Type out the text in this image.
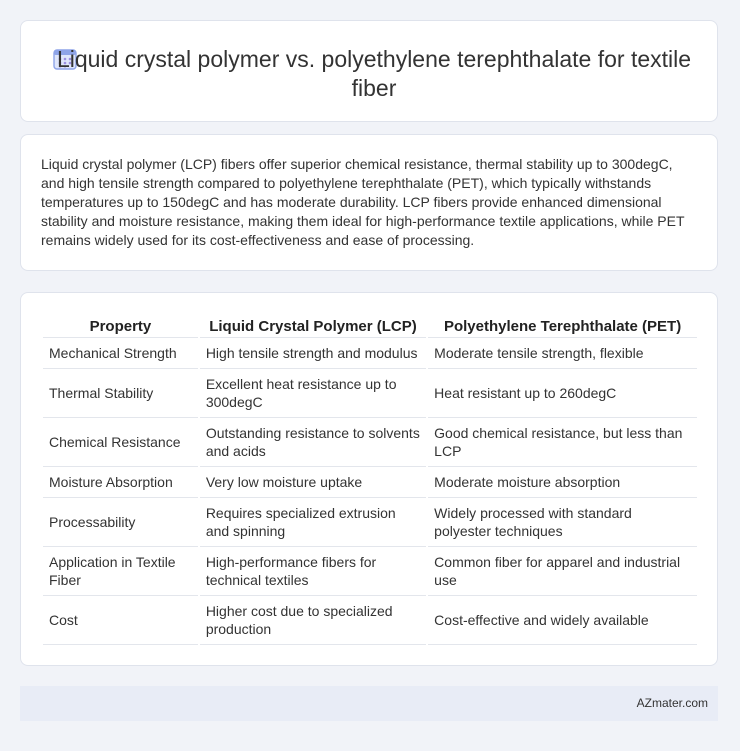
Liquid crystal polymer vs. polyethylene terephthalate for textile fiber

Liquid crystal polymer (LCP) fibers offer superior chemical resistance, thermal stability up to 300degC, and high tensile strength compared to polyethylene terephthalate (PET), which typically withstands temperatures up to 150degC and has moderate durability. LCP fibers provide enhanced dimensional stability and moisture resistance, making them ideal for high-performance textile applications, while PET remains widely used for its cost-effectiveness and ease of processing.

Property	Liquid Crystal Polymer (LCP)	Polyethylene Terephthalate (PET)
Mechanical Strength	High tensile strength and modulus	Moderate tensile strength, flexible
Thermal Stability	Excellent heat resistance up to 300degC	Heat resistant up to 260degC
Chemical Resistance	Outstanding resistance to solvents and acids	Good chemical resistance, but less than LCP
Moisture Absorption	Very low moisture uptake	Moderate moisture absorption
Processability	Requires specialized extrusion and spinning	Widely processed with standard polyester techniques
Application in Textile Fiber	High-performance fibers for technical textiles	Common fiber for apparel and industrial use
Cost	Higher cost due to specialized production	Cost-effective and widely available
AZmater.com
